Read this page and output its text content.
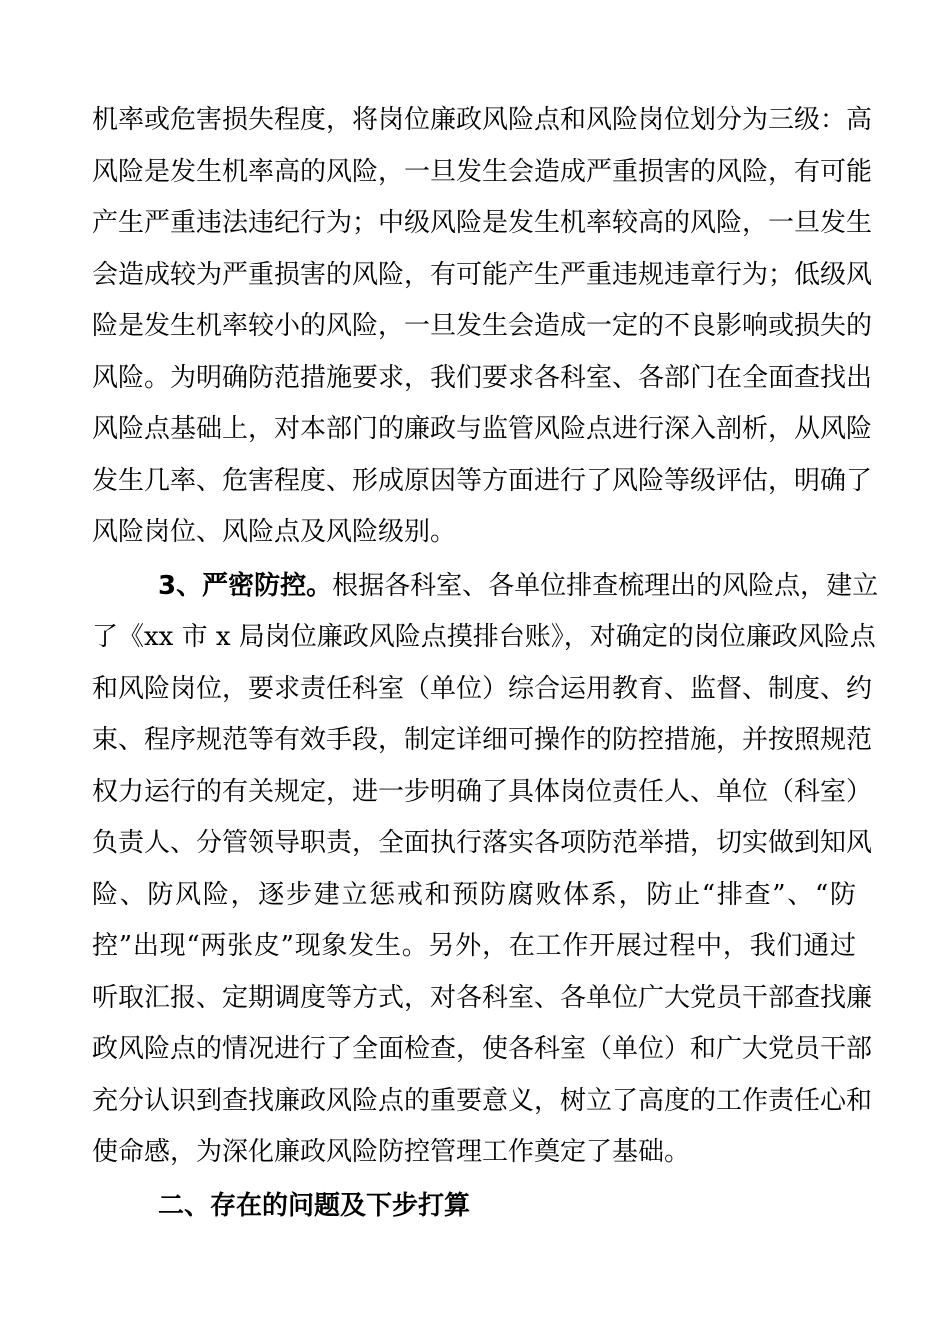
机率或危害损失程度，将岗位廉政风险点和风险岗位划分为三级：高
风险是发生机率高的风险，一旦发生会造成严重损害的风险，有可能
产生严重违法违纪行为；中级风险是发生机率较高的风险，一旦发生
会造成较为严重损害的风险，有可能产生严重违规违章行为；低级风
险是发生机率较小的风险，一旦发生会造成一定的不良影响或损失的
风险。为明确防范措施要求，我们要求各科室、各部门在全面查找出
风险点基础上，对本部门的廉政与监管风险点进行深入剖析，从风险
发生几率、危害程度、形成原因等方面进行了风险等级评估，明确了
风险岗位、风险点及风险级别。
3、严密防控。根据各科室、各单位排查梳理出的风险点，建立
了《xx 市 x 局岗位廉政风险点摸排台账》，对确定的岗位廉政风险点
和风险岗位，要求责任科室（单位）综合运用教育、监督、制度、约
束、程序规范等有效手段，制定详细可操作的防控措施，并按照规范
权力运行的有关规定，进一步明确了具体岗位责任人、单位（科室）
负责人、分管领导职责，全面执行落实各项防范举措，切实做到知风
险、防风险，逐步建立惩戒和预防腐败体系，防止“排查”、“防
控”出现“两张皮”现象发生。另外，在工作开展过程中，我们通过
听取汇报、定期调度等方式，对各科室、各单位广大党员干部查找廉
政风险点的情况进行了全面检查，使各科室（单位）和广大党员干部
充分认识到查找廉政风险点的重要意义，树立了高度的工作责任心和
使命感，为深化廉政风险防控管理工作奠定了基础。
二、存在的问题及下步打算
